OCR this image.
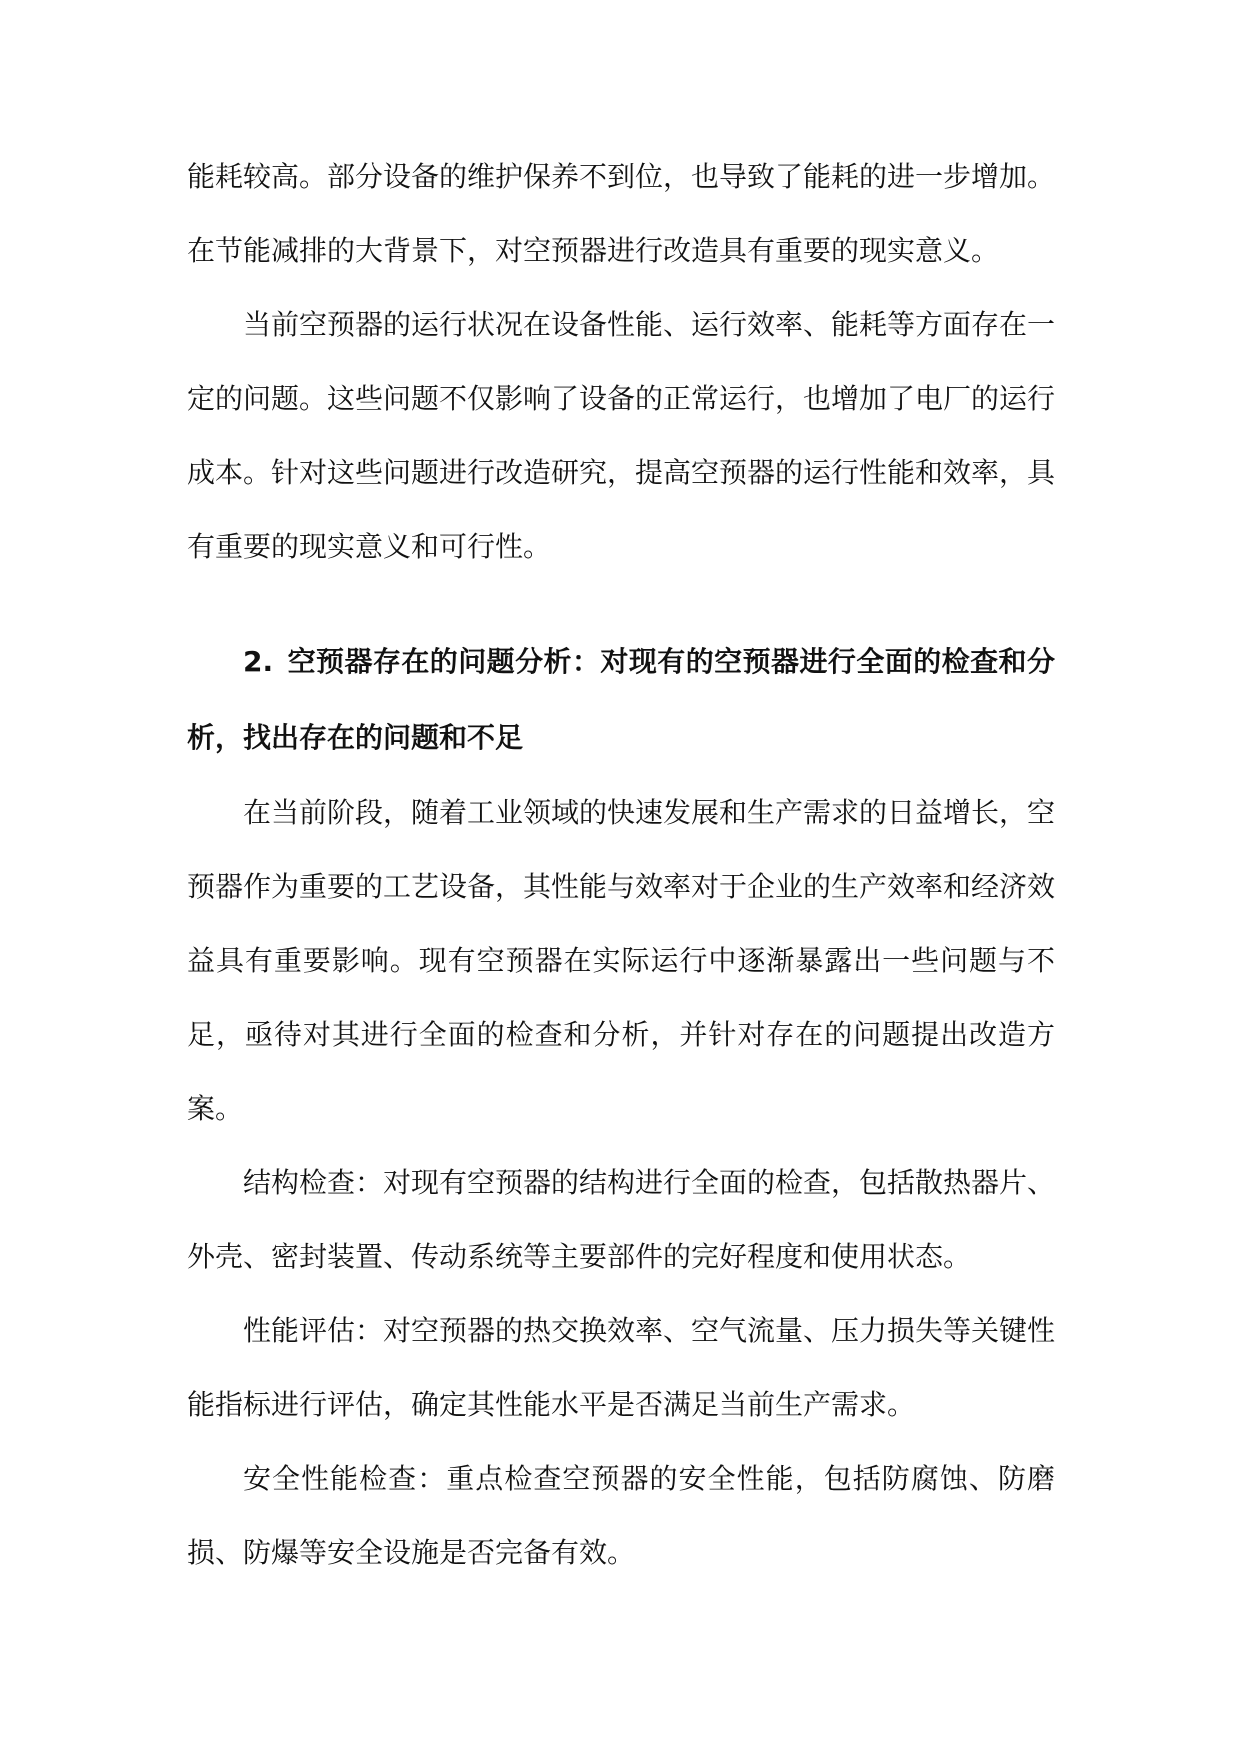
能耗较高。部分设备的维护保养不到位，也导致了能耗的进一步增加。在节能减排的大背景下，对空预器进行改造具有重要的现实意义。

当前空预器的运行状况在设备性能、运行效率、能耗等方面存在一定的问题。这些问题不仅影响了设备的正常运行，也增加了电厂的运行成本。针对这些问题进行改造研究，提高空预器的运行性能和效率，具有重要的现实意义和可行性。

2. 空预器存在的问题分析：对现有的空预器进行全面的检查和分析，找出存在的问题和不足

在当前阶段，随着工业领域的快速发展和生产需求的日益增长，空预器作为重要的工艺设备，其性能与效率对于企业的生产效率和经济效益具有重要影响。现有空预器在实际运行中逐渐暴露出一些问题与不足，亟待对其进行全面的检查和分析，并针对存在的问题提出改造方案。

结构检查：对现有空预器的结构进行全面的检查，包括散热器片、外壳、密封装置、传动系统等主要部件的完好程度和使用状态。

性能评估：对空预器的热交换效率、空气流量、压力损失等关键性能指标进行评估，确定其性能水平是否满足当前生产需求。

安全性能检查：重点检查空预器的安全性能，包括防腐蚀、防磨损、防爆等安全设施是否完备有效。
